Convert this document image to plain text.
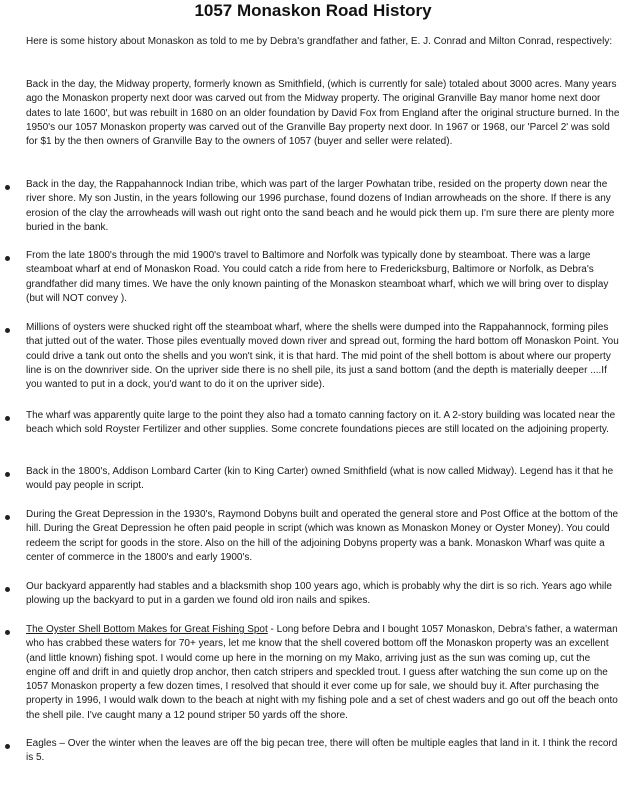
1057 Monaskon Road History

Here is some history about Monaskon as told to me by Debra's grandfather and father, E. J. Conrad and Milton Conrad, respectively:

Back in the day, the Midway property, formerly known as Smithfield, (which is currently for sale) totaled about 3000 acres. Many years ago the Monaskon property next door was carved out from the Midway property. The original Granville Bay manor home next door dates to late 1600', but was rebuilt in 1680 on an older foundation by David Fox from England after the original structure burned. In the 1950's our 1057 Monaskon property was carved out of the Granville Bay property next door. In 1967 or 1968, our 'Parcel 2' was sold for $1 by the then owners of Granville Bay to the owners of 1057 (buyer and seller were related).

Back in the day, the Rappahannock Indian tribe, which was part of the larger Powhatan tribe, resided on the property down near the river shore. My son Justin, in the years following our 1996 purchase, found dozens of Indian arrowheads on the shore. If there is any erosion of the clay the arrowheads will wash out right onto the sand beach and he would pick them up. I'm sure there are plenty more buried in the bank.

From the late 1800's through the mid 1900's travel to Baltimore and Norfolk was typically done by steamboat. There was a large steamboat wharf at end of Monaskon Road. You could catch a ride from here to Fredericksburg, Baltimore or Norfolk, as Debra's grandfather did many times. We have the only known painting of the Monaskon steamboat wharf, which we will bring over to display (but will NOT convey ).

Millions of oysters were shucked right off the steamboat wharf, where the shells were dumped into the Rappahannock, forming piles that jutted out of the water. Those piles eventually moved down river and spread out, forming the hard bottom off Monaskon Point. You could drive a tank out onto the shells and you won't sink, it is that hard. The mid point of the shell bottom is about where our property line is on the downriver side. On the upriver side there is no shell pile, its just a sand bottom (and the depth is materially deeper ....If you wanted to put in a dock, you'd want to do it on the upriver side).

The wharf was apparently quite large to the point they also had a tomato canning factory on it. A 2-story building was located near the beach which sold Royster Fertilizer and other supplies. Some concrete foundations pieces are still located on the adjoining property.

Back in the 1800's, Addison Lombard Carter (kin to King Carter) owned Smithfield (what is now called Midway). Legend has it that he would pay people in script.

During the Great Depression in the 1930's, Raymond Dobyns built and operated the general store and Post Office at the bottom of the hill. During the Great Depression he often paid people in script (which was known as Monaskon Money or Oyster Money). You could redeem the script for goods in the store. Also on the hill of the adjoining Dobyns property was a bank. Monaskon Wharf was quite a center of commerce in the 1800's and early 1900's.

Our backyard apparently had stables and a blacksmith shop 100 years ago, which is probably why the dirt is so rich. Years ago while plowing up the backyard to put in a garden we found old iron nails and spikes.

The Oyster Shell Bottom Makes for Great Fishing Spot - Long before Debra and I bought 1057 Monaskon, Debra's father, a waterman who has crabbed these waters for 70+ years, let me know that the shell covered bottom off the Monaskon property was an excellent (and little known) fishing spot. I would come up here in the morning on my Mako, arriving just as the sun was coming up, cut the engine off and drift in and quietly drop anchor, then catch stripers and speckled trout. I guess after watching the sun come up on the 1057 Monaskon property a few dozen times, I resolved that should it ever come up for sale, we should buy it. After purchasing the property in 1996, I would walk down to the beach at night with my fishing pole and a set of chest waders and go out off the beach onto the shell pile. I've caught many a 12 pound striper 50 yards off the shore.

Eagles – Over the winter when the leaves are off the big pecan tree, there will often be multiple eagles that land in it. I think the record is 5.
